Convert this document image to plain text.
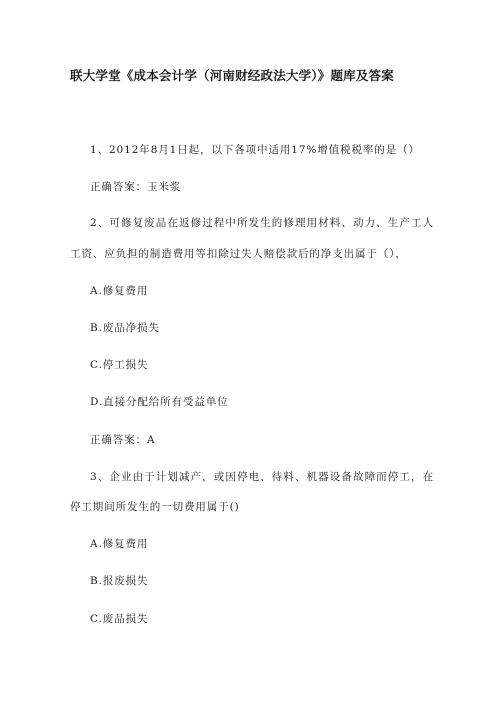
联大学堂《成本会计学（河南财经政法大学）》题库及答案
1、2012年8月1日起，以下各项中适用17%增值税税率的是（）
正确答案：玉米浆
2、可修复废品在返修过程中所发生的修理用材料、动力、生产工人
工资、应负担的制造费用等扣除过失人赔偿款后的净支出属于（），
A.修复费用
B.废品净损失
C.停工损失
D.直接分配给所有受益单位
正确答案：A
3、企业由于计划减产，或因停电、待料、机器设备故障而停工，在
停工期间所发生的一切费用属于()
A.修复费用
B.报废损失
C.废品损失
